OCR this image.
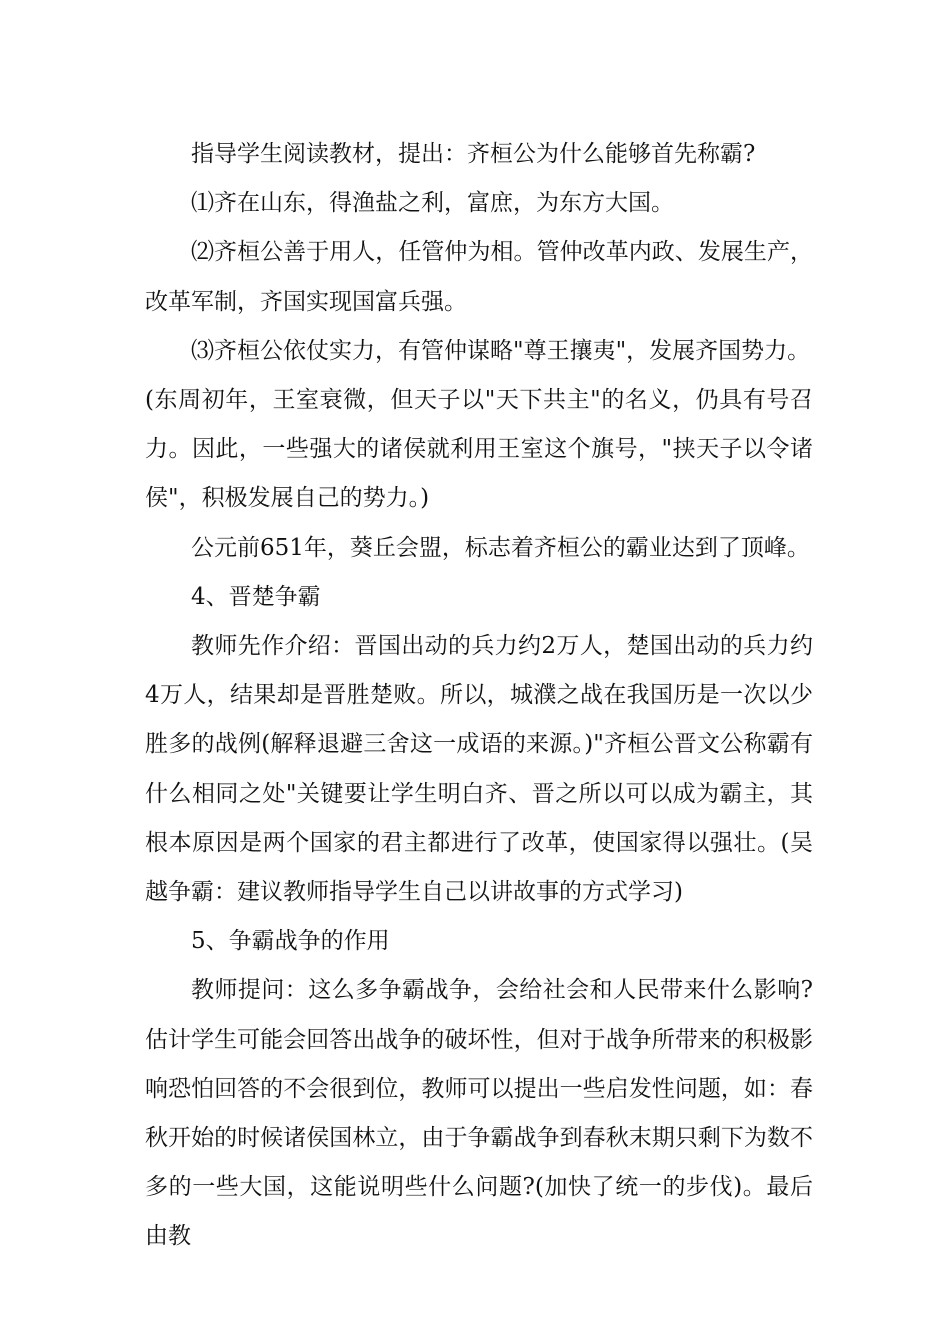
指导学生阅读教材，提出：齐桓公为什么能够首先称霸?

⑴齐在山东，得渔盐之利，富庶，为东方大国。

⑵齐桓公善于用人，任管仲为相。管仲改革内政、发展生产，改革军制，齐国实现国富兵强。

⑶齐桓公依仗实力，有管仲谋略"尊王攘夷"，发展齐国势力。

(东周初年，王室衰微，但天子以"天下共主"的名义，仍具有号召力。因此，一些强大的诸侯就利用王室这个旗号，"挟天子以令诸侯"，积极发展自己的势力。)

公元前651年，葵丘会盟，标志着齐桓公的霸业达到了顶峰。

4、晋楚争霸

教师先作介绍：晋国出动的兵力约2万人，楚国出动的兵力约4万人，结果却是晋胜楚败。所以，城濮之战在我国历是一次以少胜多的战例(解释退避三舍这一成语的来源。)"齐桓公晋文公称霸有什么相同之处"关键要让学生明白齐、晋之所以可以成为霸主，其根本原因是两个国家的君主都进行了改革，使国家得以强壮。(吴越争霸：建议教师指导学生自己以讲故事的方式学习)

5、争霸战争的作用

教师提问：这么多争霸战争，会给社会和人民带来什么影响?估计学生可能会回答出战争的破坏性，但对于战争所带来的积极影响恐怕回答的不会很到位，教师可以提出一些启发性问题，如：春秋开始的时候诸侯国林立，由于争霸战争到春秋末期只剩下为数不多的一些大国，这能说明些什么问题?(加快了统一的步伐)。最后由教
